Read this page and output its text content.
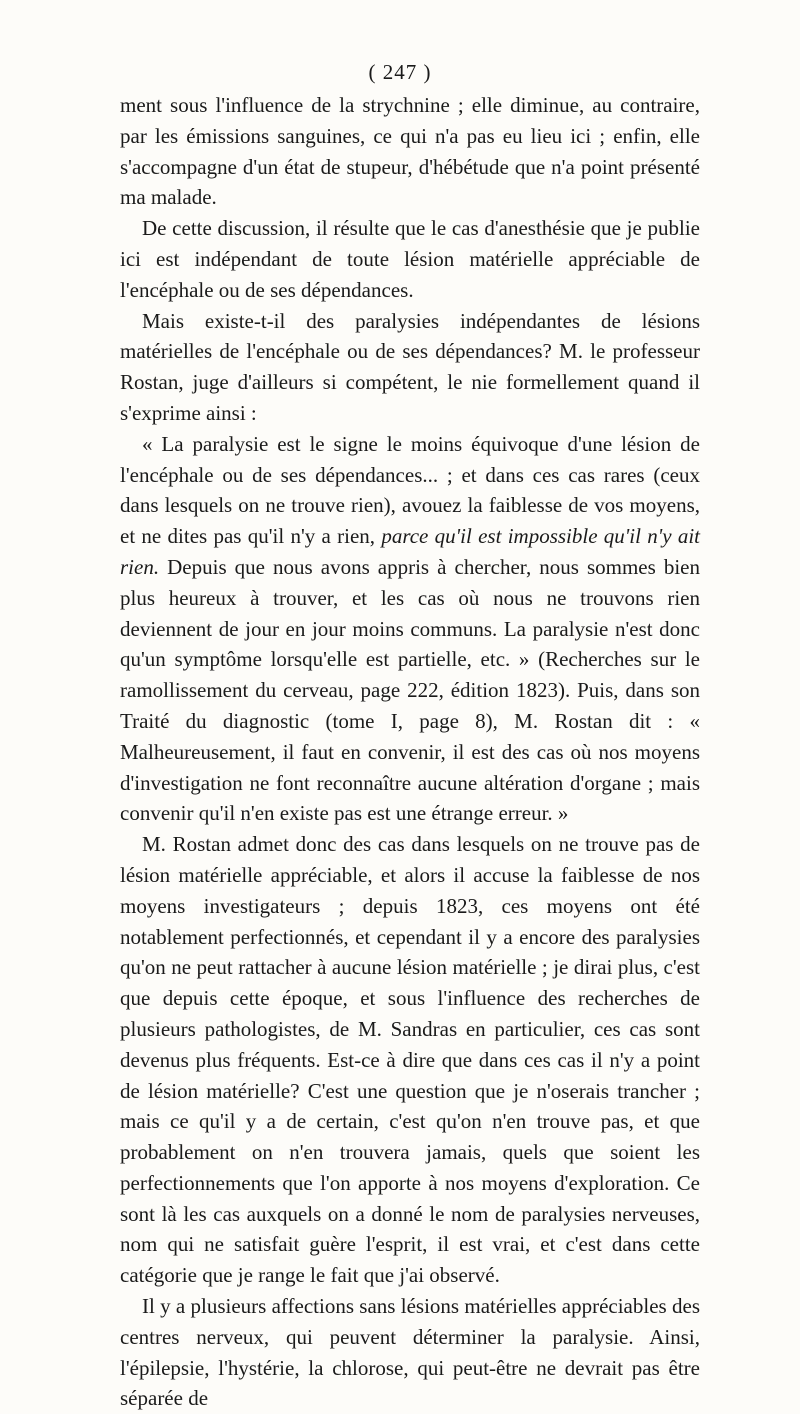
( 247 )

ment sous l'influence de la strychnine ; elle diminue, au contraire, par les émissions sanguines, ce qui n'a pas eu lieu ici ; enfin, elle s'accompagne d'un état de stupeur, d'hébétude que n'a point présenté ma malade.

De cette discussion, il résulte que le cas d'anesthésie que je publie ici est indépendant de toute lésion matérielle appréciable de l'encéphale ou de ses dépendances.

Mais existe-t-il des paralysies indépendantes de lésions matérielles de l'encéphale ou de ses dépendances? M. le professeur Rostan, juge d'ailleurs si compétent, le nie formellement quand il s'exprime ainsi :

« La paralysie est le signe le moins équivoque d'une lésion de l'encéphale ou de ses dépendances... ; et dans ces cas rares (ceux dans lesquels on ne trouve rien), avouez la faiblesse de vos moyens, et ne dites pas qu'il n'y a rien, parce qu'il est impossible qu'il n'y ait rien. Depuis que nous avons appris à chercher, nous sommes bien plus heureux à trouver, et les cas où nous ne trouvons rien deviennent de jour en jour moins communs. La paralysie n'est donc qu'un symptôme lorsqu'elle est partielle, etc. » (Recherches sur le ramollissement du cerveau, page 222, édition 1823). Puis, dans son Traité du diagnostic (tome I, page 8), M. Rostan dit : « Malheureusement, il faut en convenir, il est des cas où nos moyens d'investigation ne font reconnaître aucune altération d'organe ; mais convenir qu'il n'en existe pas est une étrange erreur. »

M. Rostan admet donc des cas dans lesquels on ne trouve pas de lésion matérielle appréciable, et alors il accuse la faiblesse de nos moyens investigateurs ; depuis 1823, ces moyens ont été notablement perfectionnés, et cependant il y a encore des paralysies qu'on ne peut rattacher à aucune lésion matérielle ; je dirai plus, c'est que depuis cette époque, et sous l'influence des recherches de plusieurs pathologistes, de M. Sandras en particulier, ces cas sont devenus plus fréquents. Est-ce à dire que dans ces cas il n'y a point de lésion matérielle? C'est une question que je n'oserais trancher ; mais ce qu'il y a de certain, c'est qu'on n'en trouve pas, et que probablement on n'en trouvera jamais, quels que soient les perfectionnements que l'on apporte à nos moyens d'exploration. Ce sont là les cas auxquels on a donné le nom de paralysies nerveuses, nom qui ne satisfait guère l'esprit, il est vrai, et c'est dans cette catégorie que je range le fait que j'ai observé.

Il y a plusieurs affections sans lésions matérielles appréciables des centres nerveux, qui peuvent déterminer la paralysie. Ainsi, l'épilepsie, l'hystérie, la chlorose, qui peut-être ne devrait pas être séparée de
